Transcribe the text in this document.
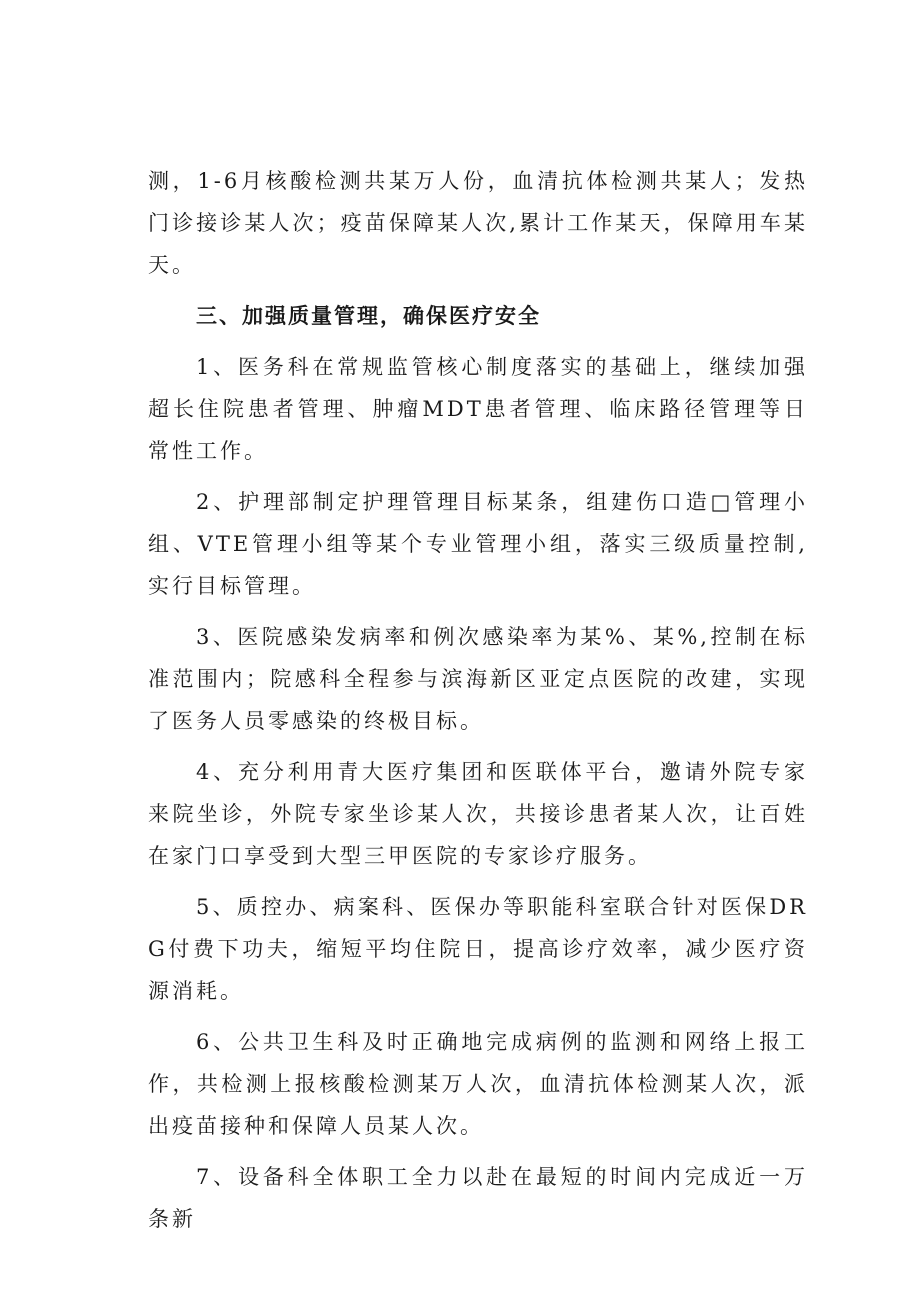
测，1-6月核酸检测共某万人份，血清抗体检测共某人；发热门诊接诊某人次；疫苗保障某人次,累计工作某天，保障用车某天。

三、加强质量管理，确保医疗安全

1、医务科在常规监管核心制度落实的基础上，继续加强超长住院患者管理、肿瘤MDT患者管理、临床路径管理等日常性工作。

2、护理部制定护理管理目标某条，组建伤口造□管理小组、VTE管理小组等某个专业管理小组，落实三级质量控制,实行目标管理。

3、医院感染发病率和例次感染率为某%、某%,控制在标准范围内；院感科全程参与滨海新区亚定点医院的改建，实现了医务人员零感染的终极目标。

4、充分利用青大医疗集团和医联体平台，邀请外院专家来院坐诊，外院专家坐诊某人次，共接诊患者某人次，让百姓在家门口享受到大型三甲医院的专家诊疗服务。

5、质控办、病案科、医保办等职能科室联合针对医保DRG付费下功夫，缩短平均住院日，提高诊疗效率，减少医疗资源消耗。

6、公共卫生科及时正确地完成病例的监测和网络上报工作，共检测上报核酸检测某万人次，血清抗体检测某人次，派出疫苗接种和保障人员某人次。

7、设备科全体职工全力以赴在最短的时间内完成近一万条新
